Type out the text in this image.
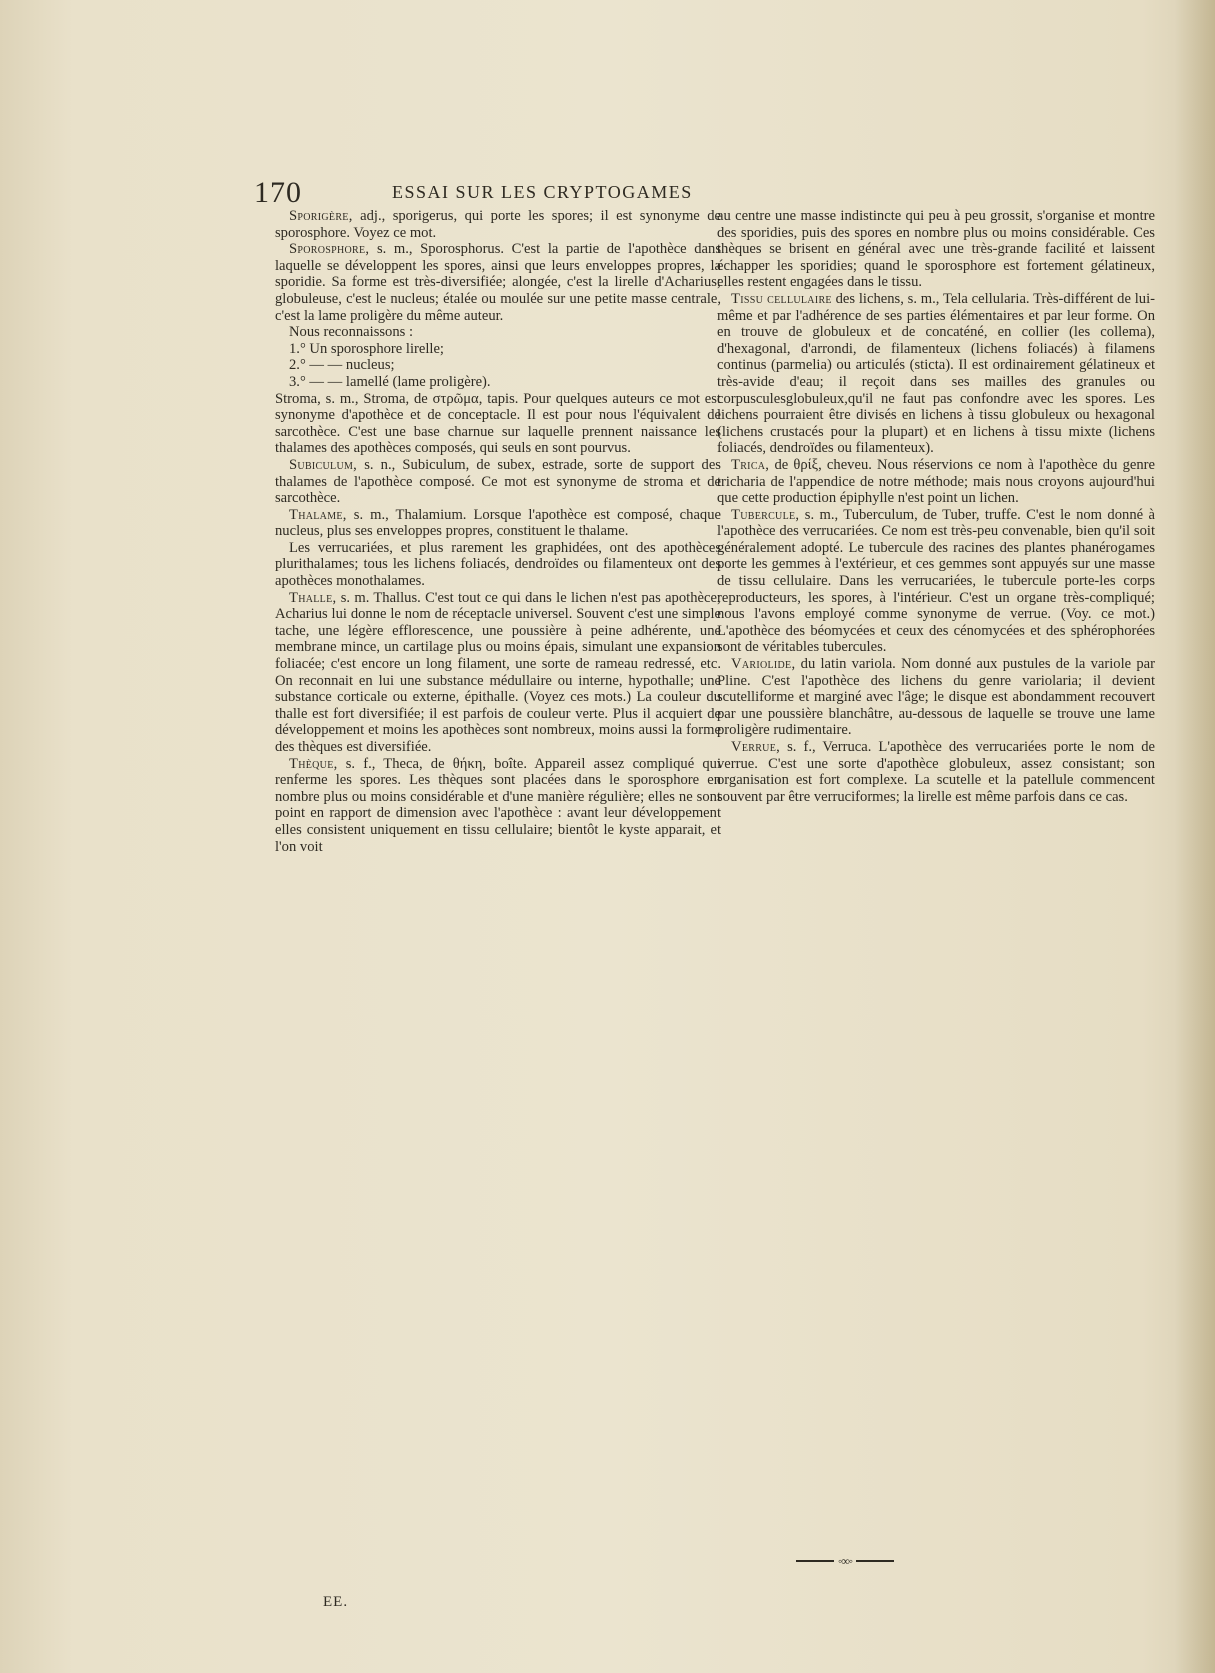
170	ESSAI SUR LES CRYPTOGAMES

Sporigère, adj., sporigerus, qui porte les spores; il est synonyme de sporosphore. Voyez ce mot.

Sporosphore, s. m., Sporosphorus. C'est la partie de l'apothèce dans laquelle se développent les spores, ainsi que leurs enveloppes propres, la sporidie. Sa forme est très-diversifiée; alongée, c'est la lirelle d'Acharius; globuleuse, c'est le nucleus; étalée ou moulée sur une petite masse centrale, c'est la lame proligère du même auteur.

Nous reconnaissons :

1.° Un sporosphore lirelle;
2.° — — nucleus;
3.° — — lamellé (lame proligère).

Stroma, s. m., Stroma, de στρῶμα, tapis. Pour quelques auteurs ce mot est synonyme d'apothèce et de conceptacle. Il est pour nous l'équivalent de sarcothèce. C'est une base charnue sur laquelle prennent naissance les thalames des apothèces composés, qui seuls en sont pourvus.

Subiculum, s. n., Subiculum, de subex, estrade, sorte de support des thalames de l'apothèce composé. Ce mot est synonyme de stroma et de sarcothèce.

Thalame, s. m., Thalamium. Lorsque l'apothèce est composé, chaque nucleus, plus ses enveloppes propres, constituent le thalame.

Les verrucariées, et plus rarement les graphidées, ont des apothèces plurithalames; tous les lichens foliacés, dendroïdes ou filamenteux ont des apothèces monothalames.

Thalle, s. m. Thallus. C'est tout ce qui dans le lichen n'est pas apothèce; Acharius lui donne le nom de réceptacle universel. Souvent c'est une simple tache, une légère efflorescence, une poussière à peine adhérente, une membrane mince, un cartilage plus ou moins épais, simulant une expansion foliacée; c'est encore un long filament, une sorte de rameau redressé, etc. On reconnait en lui une substance médullaire ou interne, hypothalle; une substance corticale ou externe, épithalle. (Voyez ces mots.) La couleur du thalle est fort diversifiée; il est parfois de couleur verte. Plus il acquiert de développement et moins les apothèces sont nombreux, moins aussi la forme des thèques est diversifiée.

Thèque, s. f., Theca, de θήκη, boîte. Appareil assez compliqué qui renferme les spores. Les thèques sont placées dans le sporosphore en nombre plus ou moins considérable et d'une manière régulière; elles ne sont point en rapport de dimension avec l'apothèce : avant leur développement elles consistent uniquement en tissu cellulaire; bientôt le kyste apparait, et l'on voit

au centre une masse indistincte qui peu à peu grossit, s'organise et montre des sporidies, puis des spores en nombre plus ou moins considérable. Ces thèques se brisent en général avec une très-grande facilité et laissent échapper les sporidies; quand le sporosphore est fortement gélatineux, elles restent engagées dans le tissu.

Tissu cellulaire des lichens, s. m., Tela cellularia. Très-différent de lui-même et par l'adhérence de ses parties élémentaires et par leur forme. On en trouve de globuleux et de concaténé, en collier (les collema), d'hexagonal, d'arrondi, de filamenteux (lichens foliacés) à filamens continus (parmelia) ou articulés (sticta). Il est ordinairement gélatineux et très-avide d'eau; il reçoit dans ses mailles des granules ou corpusculesglobuleux,qu'il ne faut pas confondre avec les spores. Les lichens pourraient être divisés en lichens à tissu globuleux ou hexagonal (lichens crustacés pour la plupart) et en lichens à tissu mixte (lichens foliacés, dendroïdes ou filamenteux).

Trica, de θρίξ, cheveu. Nous réservions ce nom à l'apothèce du genre tricharia de l'appendice de notre méthode; mais nous croyons aujourd'hui que cette production épiphylle n'est point un lichen.

Tubercule, s. m., Tuberculum, de Tuber, truffe. C'est le nom donné à l'apothèce des verrucariées. Ce nom est très-peu convenable, bien qu'il soit généralement adopté. Le tubercule des racines des plantes phanérogames porte les gemmes à l'extérieur, et ces gemmes sont appuyés sur une masse de tissu cellulaire. Dans les verrucariées, le tubercule porte-les corps reproducteurs, les spores, à l'intérieur. C'est un organe très-compliqué; nous l'avons employé comme synonyme de verrue. (Voy. ce mot.) L'apothèce des béomycées et ceux des cénomycées et des sphérophorées sont de véritables tubercules.

Variolide, du latin variola. Nom donné aux pustules de la variole par Pline. C'est l'apothèce des lichens du genre variolaria; il devient scutelliforme et marginé avec l'âge; le disque est abondamment recouvert par une poussière blanchâtre, au-dessous de laquelle se trouve une lame proligère rudimentaire.

Verrue, s. f., Verruca. L'apothèce des verrucariées porte le nom de verrue. C'est une sorte d'apothèce globuleux, assez consistant; son organisation est fort complexe. La scutelle et la patellule commencent souvent par être verruciformes; la lirelle est même parfois dans ce cas.

◦∞◦
EE.
